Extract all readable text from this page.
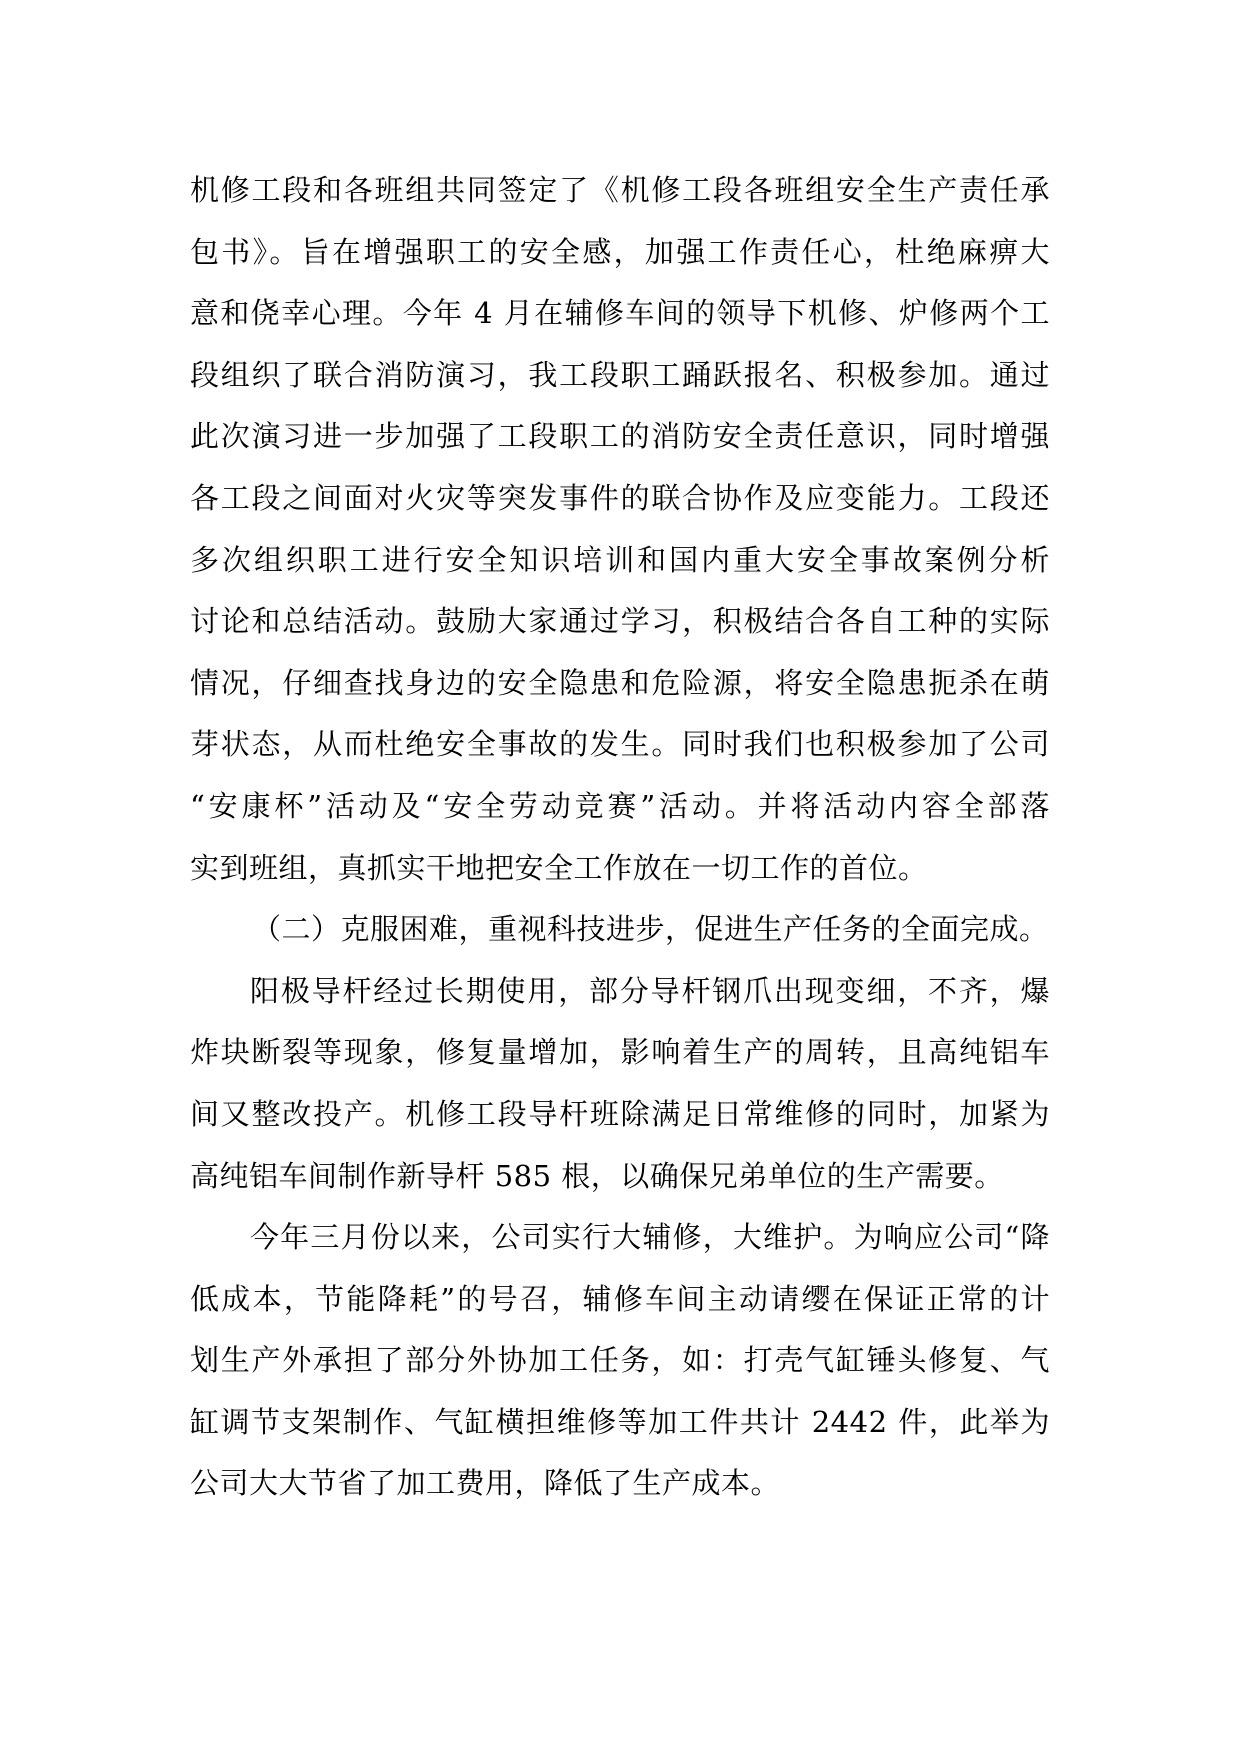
机修工段和各班组共同签定了《机修工段各班组安全生产责任承
包书》。旨在增强职工的安全感，加强工作责任心，杜绝麻痹大
意和侥幸心理。今年 4 月在辅修车间的领导下机修、炉修两个工
段组织了联合消防演习，我工段职工踊跃报名、积极参加。通过
此次演习进一步加强了工段职工的消防安全责任意识，同时增强
各工段之间面对火灾等突发事件的联合协作及应变能力。工段还
多次组织职工进行安全知识培训和国内重大安全事故案例分析
讨论和总结活动。鼓励大家通过学习，积极结合各自工种的实际
情况，仔细查找身边的安全隐患和危险源，将安全隐患扼杀在萌
芽状态，从而杜绝安全事故的发生。同时我们也积极参加了公司
“安康杯”活动及“安全劳动竞赛”活动。并将活动内容全部落
实到班组，真抓实干地把安全工作放在一切工作的首位。
（二）克服困难，重视科技进步，促进生产任务的全面完成。
阳极导杆经过长期使用，部分导杆钢爪出现变细，不齐，爆
炸块断裂等现象，修复量增加，影响着生产的周转，且高纯铝车
间又整改投产。机修工段导杆班除满足日常维修的同时，加紧为
高纯铝车间制作新导杆 585 根，以确保兄弟单位的生产需要。
今年三月份以来，公司实行大辅修，大维护。为响应公司“降
低成本，节能降耗”的号召，辅修车间主动请缨在保证正常的计
划生产外承担了部分外协加工任务，如：打壳气缸锤头修复、气
缸调节支架制作、气缸横担维修等加工件共计 2442 件，此举为
公司大大节省了加工费用，降低了生产成本。
